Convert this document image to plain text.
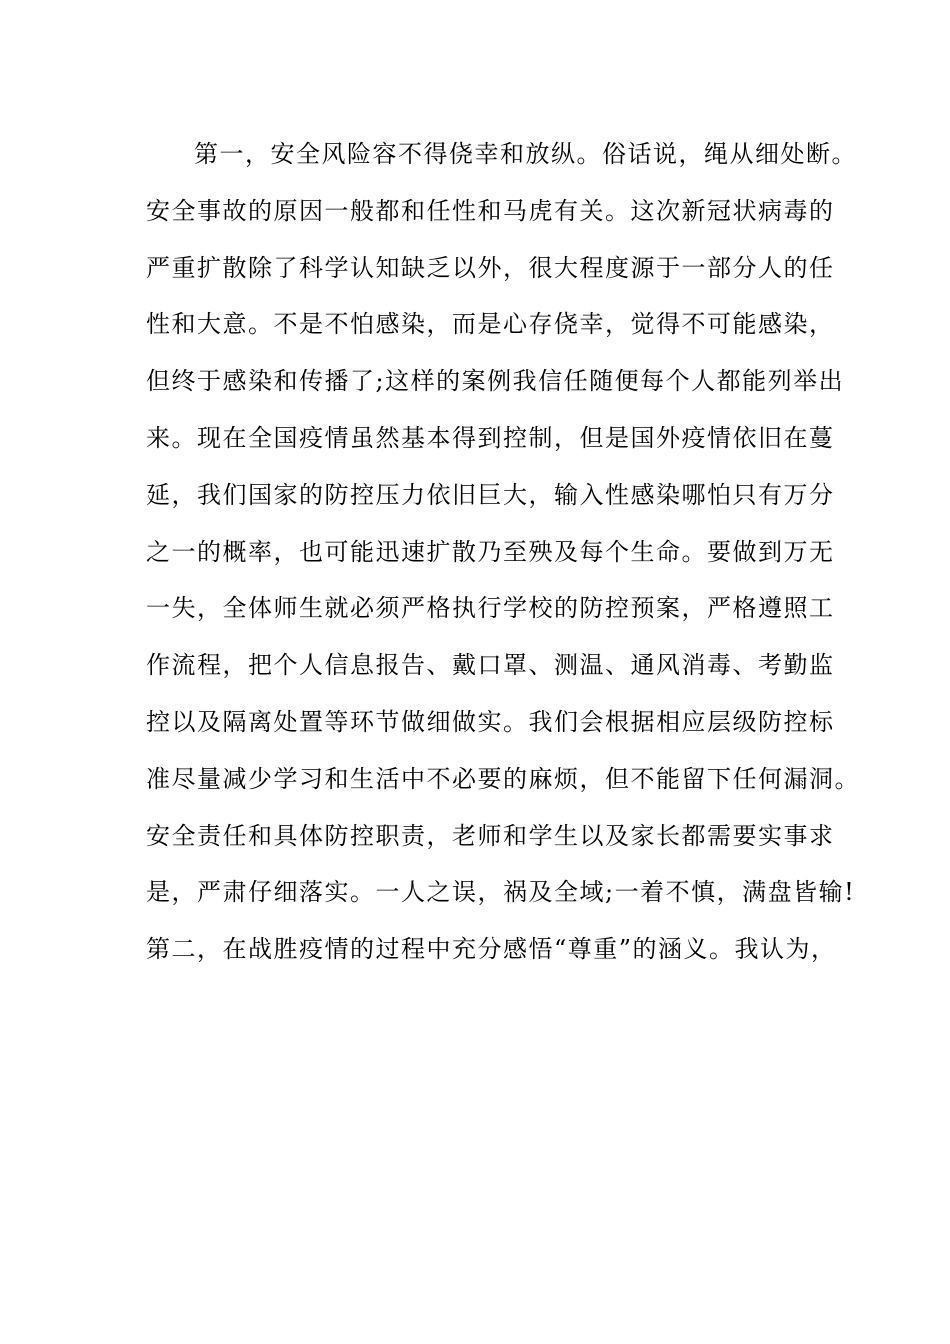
第一，安全风险容不得侥幸和放纵。俗话说，绳从细处断。
安全事故的原因一般都和任性和马虎有关。这次新冠状病毒的
严重扩散除了科学认知缺乏以外，很大程度源于一部分人的任
性和大意。不是不怕感染，而是心存侥幸，觉得不可能感染，
但终于感染和传播了;这样的案例我信任随便每个人都能列举出
来。现在全国疫情虽然基本得到控制，但是国外疫情依旧在蔓
延，我们国家的防控压力依旧巨大，输入性感染哪怕只有万分
之一的概率，也可能迅速扩散乃至殃及每个生命。要做到万无
一失，全体师生就必须严格执行学校的防控预案，严格遵照工
作流程，把个人信息报告、戴口罩、测温、通风消毒、考勤监
控以及隔离处置等环节做细做实。我们会根据相应层级防控标
准尽量减少学习和生活中不必要的麻烦，但不能留下任何漏洞。
安全责任和具体防控职责，老师和学生以及家长都需要实事求
是，严肃仔细落实。一人之误，祸及全域;一着不慎，满盘皆输!
第二，在战胜疫情的过程中充分感悟“尊重”的涵义。我认为，
